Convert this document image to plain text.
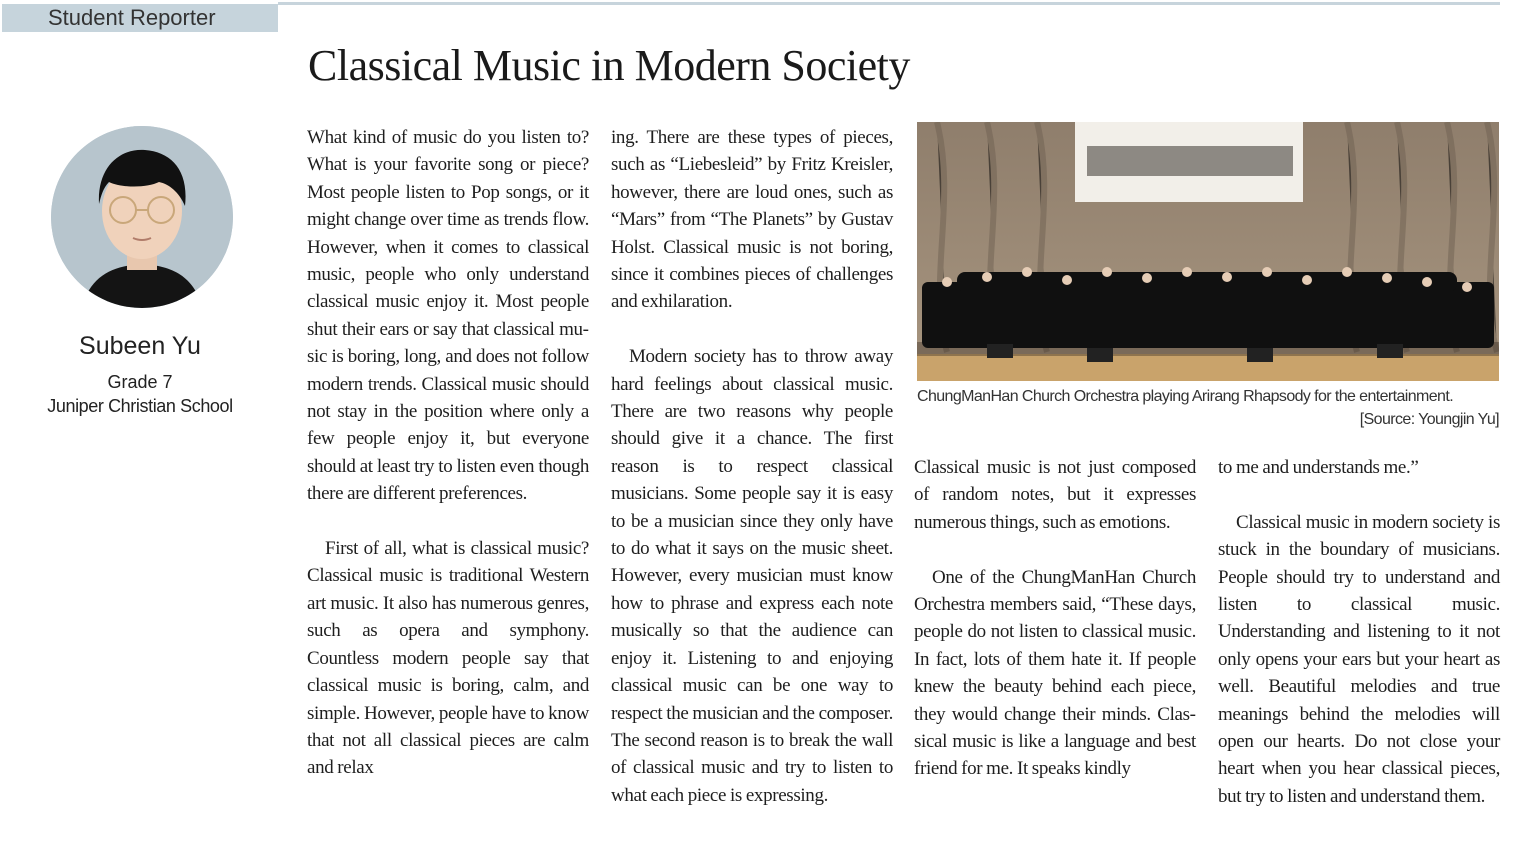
Student Reporter
Classical Music in Modern Society
Subeen Yu
Grade 7
Juniper Christian School

What kind of music do you listen to? What is your favorite song or piece? Most people listen to Pop songs, or it might change over time as trends flow. However, when it comes to classical music, people who only understand classical music enjoy it. Most people shut their ears or say that classical music is boring, long, and does not follow modern trends. Classical music should not stay in the position where only a few people enjoy it, but everyone should at least try to listen even though there are different preferences.

First of all, what is classical music? Classical music is traditional Western art music. It also has numerous genres, such as opera and symphony. Countless modern people say that classical music is boring, calm, and simple. However, people have to know that not all classical pieces are calm and relax

ing. There are these types of pieces, such as “Liebesleid” by Fritz Kreisler, however, there are loud ones, such as “Mars” from “The Planets” by Gustav Holst. Classical music is not boring, since it combines pieces of challenges and exhilaration.

Modern society has to throw away hard feelings about classical music. There are two reasons why people should give it a chance. The first reason is to respect classical musicians. Some people say it is easy to be a musician since they only have to do what it says on the music sheet. However, every musician must know how to phrase and express each note musically so that the audience can enjoy it. Listening to and enjoying classical music can be one way to respect the musician and the composer. The second reason is to break the wall of classical music and try to listen to what each piece is expressing.

ChungManHan Church Orchestra playing Arirang Rhapsody for the entertainment.
[Source: Youngjin Yu]

Classical music is not just composed of random notes, but it expresses numerous things, such as emotions.

One of the ChungManHan Church Orchestra members said, “These days, people do not listen to classical music. In fact, lots of them hate it. If people knew the beauty behind each piece, they would change their minds. Classical music is like a language and best friend for me. It speaks kindly

to me and understands me.”

Classical music in modern society is stuck in the boundary of musicians. People should try to understand and listen to classical music. Understanding and listening to it not only opens your ears but your heart as well. Beautiful melodies and true meanings behind the melodies will open our hearts. Do not close your heart when you hear classical pieces, but try to listen and understand them.
